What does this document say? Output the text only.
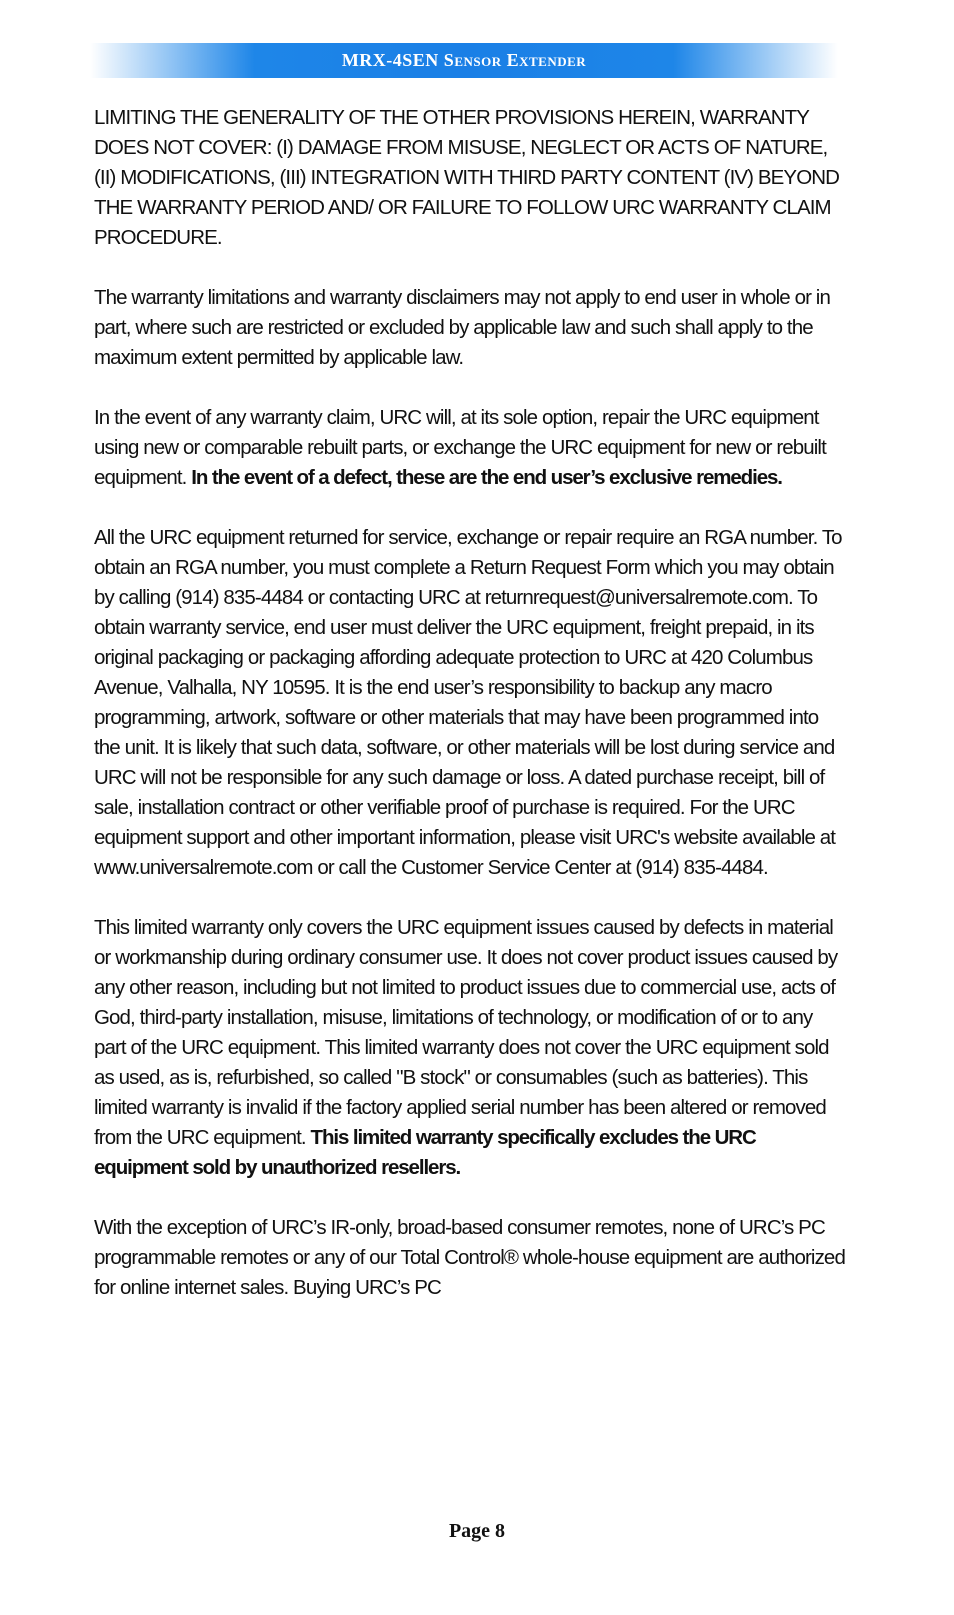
MRX-4SEN Sensor Extender

LIMITING THE GENERALITY OF THE OTHER PROVISIONS HEREIN, WARRANTY DOES NOT COVER: (I) DAMAGE FROM MISUSE, NEGLECT OR ACTS OF NATURE, (II) MODIFICATIONS, (III) INTEGRATION WITH THIRD PARTY CONTENT (IV) BEYOND THE WARRANTY PERIOD AND/ OR FAILURE TO FOLLOW URC WARRANTY CLAIM PROCEDURE.

The warranty limitations and warranty disclaimers may not apply to end user in whole or in part, where such are restricted or excluded by applicable law and such shall apply to the maximum extent permitted by applicable law.

In the event of any warranty claim, URC will, at its sole option, repair the URC equipment using new or comparable rebuilt parts, or exchange the URC equipment for new or rebuilt equipment. In the event of a defect, these are the end user’s exclusive remedies.

All the URC equipment returned for service, exchange or repair require an RGA number. To obtain an RGA number, you must complete a Return Request Form which you may obtain by calling (914) 835-4484 or contacting URC at returnrequest@universalremote.com. To obtain warranty service, end user must deliver the URC equipment, freight prepaid, in its original packaging or packaging affording adequate protection to URC at 420 Columbus Avenue, Valhalla, NY 10595. It is the end user’s responsibility to backup any macro programming, artwork, software or other materials that may have been programmed into the unit. It is likely that such data, software, or other materials will be lost during service and URC will not be responsible for any such damage or loss. A dated purchase receipt, bill of sale, installation contract or other verifiable proof of purchase is required. For the URC equipment support and other important information, please visit URC's website available at www.universalremote.com or call the Customer Service Center at (914) 835-4484.

This limited warranty only covers the URC equipment issues caused by defects in material or workmanship during ordinary consumer use. It does not cover product issues caused by any other reason, including but not limited to product issues due to commercial use, acts of God, third-party installation, misuse, limitations of technology, or modification of or to any part of the URC equipment. This limited warranty does not cover the URC equipment sold as used, as is, refurbished, so called "B stock" or consumables (such as batteries). This limited warranty is invalid if the factory applied serial number has been altered or removed from the URC equipment. This limited warranty specifically excludes the URC equipment sold by unauthorized resellers.

With the exception of URC’s IR-only, broad-based consumer remotes, none of URC’s PC programmable remotes or any of our Total Control® whole-house equipment are authorized for online internet sales. Buying URC’s PC

Page 8
